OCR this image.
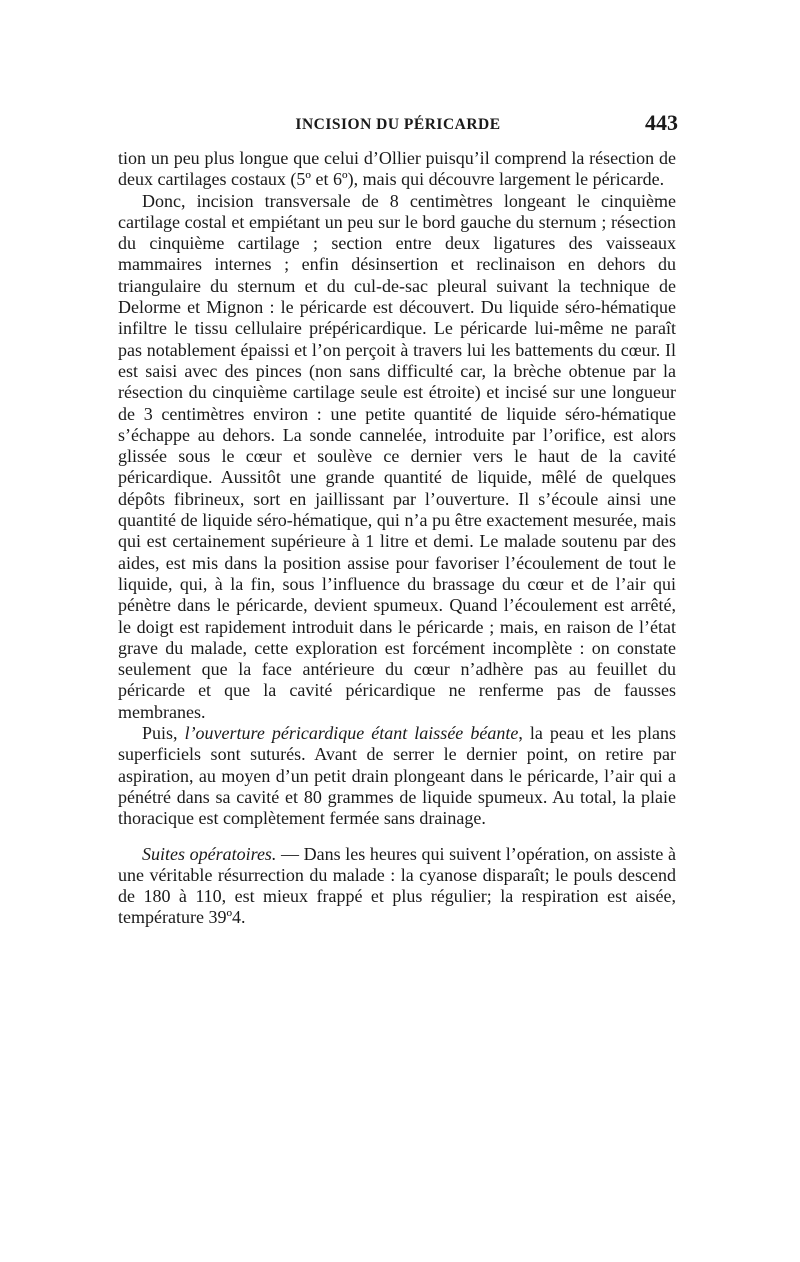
INCISION DU PÉRICARDE	443

tion un peu plus longue que celui d’Ollier puisqu’il comprend la résection de deux cartilages costaux (5º et 6º), mais qui découvre largement le péricarde.

Donc, incision transversale de 8 centimètres longeant le cinquième cartilage costal et empiétant un peu sur le bord gauche du sternum ; résection du cinquième cartilage ; section entre deux ligatures des vaisseaux mammaires internes ; enfin désinsertion et reclinaison en dehors du triangulaire du sternum et du cul-de-sac pleural suivant la technique de Delorme et Mignon : le péricarde est découvert. Du liquide séro-hématique infiltre le tissu cellulaire prépéricardique. Le péricarde lui-même ne paraît pas notablement épaissi et l’on perçoit à travers lui les battements du cœur. Il est saisi avec des pinces (non sans difficulté car, la brèche obtenue par la résection du cinquième cartilage seule est étroite) et incisé sur une longueur de 3 centimètres environ : une petite quantité de liquide séro-hématique s’échappe au dehors. La sonde cannelée, introduite par l’orifice, est alors glissée sous le cœur et soulève ce dernier vers le haut de la cavité péricardique. Aussitôt une grande quantité de liquide, mêlé de quelques dépôts fibrineux, sort en jaillissant par l’ouverture. Il s’écoule ainsi une quantité de liquide séro-hématique, qui n’a pu être exactement mesurée, mais qui est certainement supérieure à 1 litre et demi. Le malade soutenu par des aides, est mis dans la position assise pour favoriser l’écoulement de tout le liquide, qui, à la fin, sous l’influence du brassage du cœur et de l’air qui pénètre dans le péricarde, devient spumeux. Quand l’écoulement est arrêté, le doigt est rapidement introduit dans le péricarde ; mais, en raison de l’état grave du malade, cette exploration est forcément incomplète : on constate seulement que la face antérieure du cœur n’adhère pas au feuillet du péricarde et que la cavité péricardique ne renferme pas de fausses membranes.

Puis, l’ouverture péricardique étant laissée béante, la peau et les plans superficiels sont suturés. Avant de serrer le dernier point, on retire par aspiration, au moyen d’un petit drain plongeant dans le péricarde, l’air qui a pénétré dans sa cavité et 80 grammes de liquide spumeux. Au total, la plaie thoracique est complètement fermée sans drainage.

Suites opératoires. — Dans les heures qui suivent l’opération, on assiste à une véritable résurrection du malade : la cyanose disparaît; le pouls descend de 180 à 110, est mieux frappé et plus régulier; la respiration est aisée, température 39º4.
